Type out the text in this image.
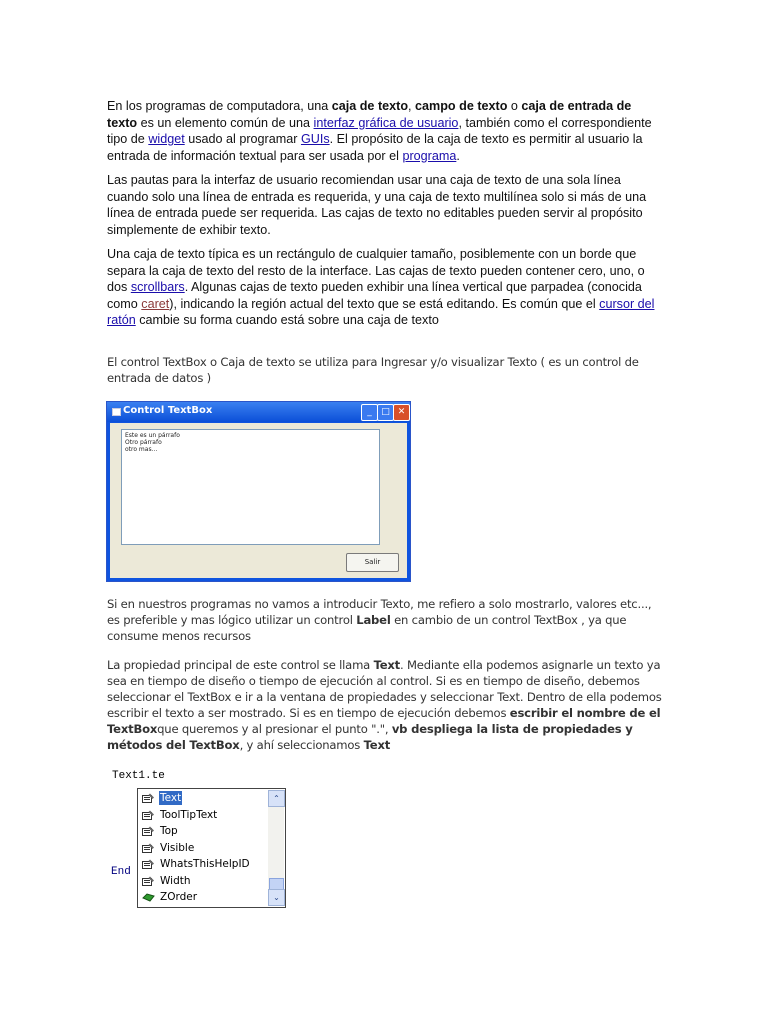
En los programas de computadora, una caja de texto, campo de texto o caja de entrada de texto es un elemento común de una interfaz gráfica de usuario, también como el correspondiente tipo de widget usado al programar GUIs. El propósito de la caja de texto es permitir al usuario la entrada de información textual para ser usada por el programa.

Las pautas para la interfaz de usuario recomiendan usar una caja de texto de una sola línea cuando solo una línea de entrada es requerida, y una caja de texto multilínea solo si más de una línea de entrada puede ser requerida. Las cajas de texto no editables pueden servir al propósito simplemente de exhibir texto.

Una caja de texto típica es un rectángulo de cualquier tamaño, posiblemente con un borde que separa la caja de texto del resto de la interface. Las cajas de texto pueden contener cero, uno, o dos scrollbars. Algunas cajas de texto pueden exhibir una línea vertical que parpadea (conocida como caret), indicando la región actual del texto que se está editando. Es común que el cursor del ratón cambie su forma cuando está sobre una caja de texto

El control TextBox o Caja de texto se utiliza para Ingresar y/o visualizar Texto ( es un control de entrada de datos )

Control TextBox	_	□ ✕
Este es un párrafo
Otro párrafo
otro mas...
Salir

Si en nuestros programas no vamos a introducir Texto, me refiero a solo mostrarlo, valores etc..., es preferible y mas lógico utilizar un control Label en cambio de un control TextBox , ya que consume menos recursos

La propiedad principal de este control se llama Text. Mediante ella podemos asignarle un texto ya sea en tiempo de diseño o tiempo de ejecución al control. Si es en tiempo de diseño, debemos seleccionar el TextBox e ir a la ventana de propiedades y seleccionar Text. Dentro de ella podemos escribir el texto a ser mostrado. Si es en tiempo de ejecución debemos escribir el nombre de el TextBoxque queremos y al presionar el punto ".", vb despliega la lista de propiedades y métodos del TextBox, y ahí seleccionamos Text

Text1.te
End
Text
ToolTipText
Top
Visible
WhatsThisHelpID
Width
ZOrder
⌃
⌄
